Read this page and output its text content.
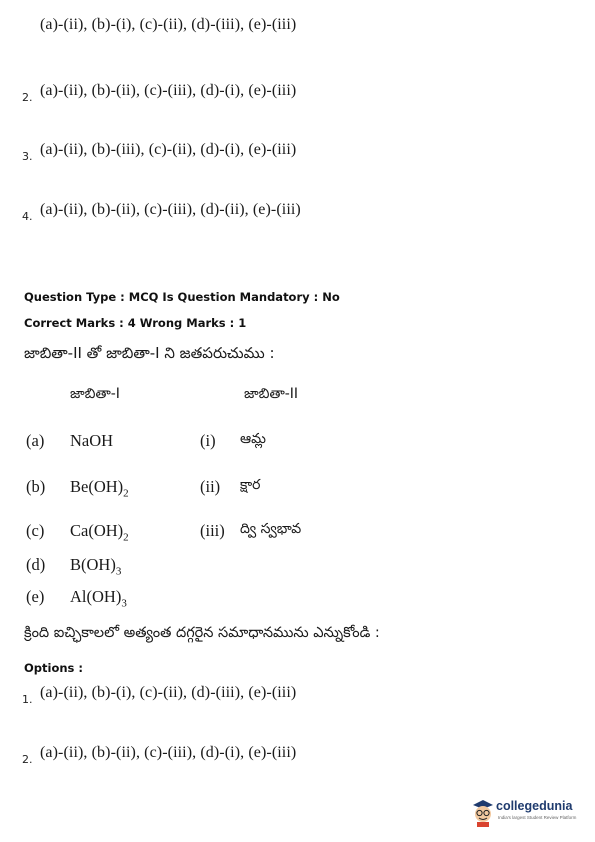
(a)-(ii), (b)-(i), (c)-(ii), (d)-(iii), (e)-(iii)
2. (a)-(ii), (b)-(ii), (c)-(iii), (d)-(i), (e)-(iii)
3. (a)-(ii), (b)-(iii), (c)-(ii), (d)-(i), (e)-(iii)
4. (a)-(ii), (b)-(ii), (c)-(iii), (d)-(ii), (e)-(iii)
Question Type : MCQ Is Question Mandatory : No
Correct Marks : 4 Wrong Marks : 1
జాబితా-II తో జాబితా-I ని జతపరుచుము :
జాబితా-I	జాబితా-II
(a) NaOH	(i) ఆమ్ల
(b) $Be(OH)_2$	(ii) క్షార
(c) $Ca(OH)_2$	(iii) ద్వి స్వభావ
(d) $B(OH)_3$
(e) $Al(OH)_3$
క్రింది ఐచ్ఛికాలలో అత్యంత దగ్గరైన సమాధానమును ఎన్నుకోండి :
Options :
1. (a)-(ii), (b)-(i), (c)-(ii), (d)-(iii), (e)-(iii)
2. (a)-(ii), (b)-(ii), (c)-(iii), (d)-(i), (e)-(iii)
collegedunia
India's largest Student Review Platform
